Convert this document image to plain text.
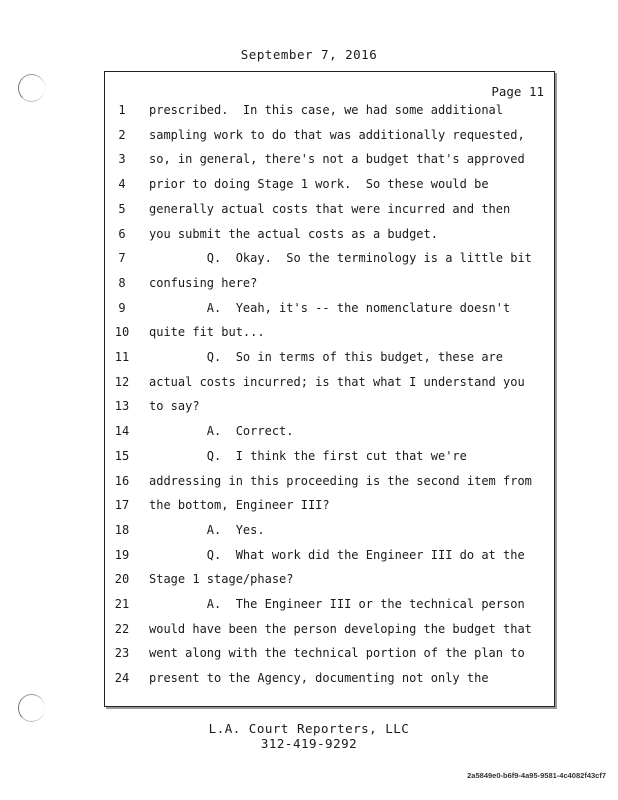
September 7, 2016
Page 11
1	prescribed.  In this case, we had some additional
2	sampling work to do that was additionally requested,
3	so, in general, there's not a budget that's approved
4	prior to doing Stage 1 work.  So these would be
5	generally actual costs that were incurred and then
6	you submit the actual costs as a budget.
7	Q.  Okay.  So the terminology is a little bit
8	confusing here?
9	A.  Yeah, it's -- the nomenclature doesn't
10	quite fit but...
11	Q.  So in terms of this budget, these are
12	actual costs incurred; is that what I understand you
13	to say?
14	A.  Correct.
15	Q.  I think the first cut that we're
16	addressing in this proceeding is the second item from
17	the bottom, Engineer III?
18	A.  Yes.
19	Q.  What work did the Engineer III do at the
20	Stage 1 stage/phase?
21	A.  The Engineer III or the technical person
22	would have been the person developing the budget that
23	went along with the technical portion of the plan to
24	present to the Agency, documenting not only the
L.A. Court Reporters, LLC
312-419-9292
2a5849e0-b6f9-4a95-9581-4c4082f43cf7
